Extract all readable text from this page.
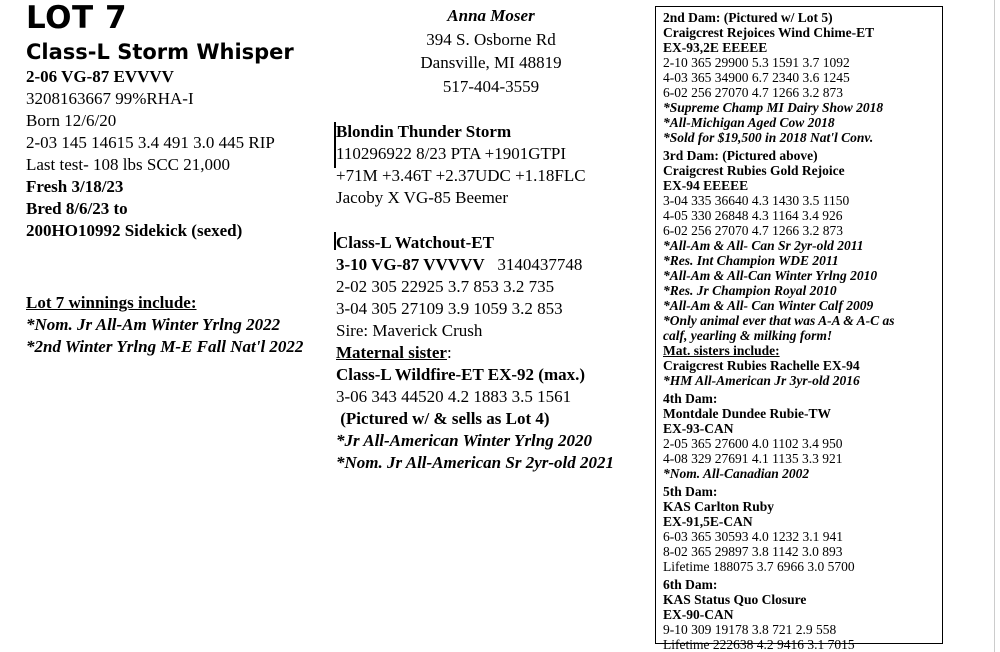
LOT 7
Class-L Storm Whisper
2-06 VG-87 EVVVV
3208163667 99%RHA-I
Born 12/6/20
2-03 145 14615 3.4 491 3.0 445 RIP
Last test- 108 lbs SCC 21,000
Fresh 3/18/23
Bred 8/6/23 to
200HO10992 Sidekick (sexed)
Lot 7 winnings include:
*Nom. Jr All-Am Winter Yrlng 2022
*2nd Winter Yrlng M-E Fall Nat'l 2022
Anna Moser
394 S. Osborne Rd
Dansville, MI 48819
517-404-3559
Blondin Thunder Storm
110296922 8/23 PTA +1901GTPI
+71M +3.46T +2.37UDC +1.18FLC
Jacoby X VG-85 Beemer
Class-L Watchout-ET
3-10 VG-87 VVVVV 3140437748
2-02 305 22925 3.7 853 3.2 735
3-04 305 27109 3.9 1059 3.2 853
Sire: Maverick Crush
Maternal sister:
Class-L Wildfire-ET EX-92 (max.)
3-06 343 44520 4.2 1883 3.5 1561
(Pictured w/ & sells as Lot 4)
*Jr All-American Winter Yrlng 2020
*Nom. Jr All-American Sr 2yr-old 2021
2nd Dam: (Pictured w/ Lot 5)
Craigcrest Rejoices Wind Chime-ET
EX-93,2E EEEEE
2-10 365 29900 5.3 1591 3.7 1092
4-03 365 34900 6.7 2340 3.6 1245
6-02 256 27070 4.7 1266 3.2 873
*Supreme Champ MI Dairy Show 2018
*All-Michigan Aged Cow 2018
*Sold for $19,500 in 2018 Nat'l Conv.
3rd Dam: (Pictured above)
Craigcrest Rubies Gold Rejoice
EX-94 EEEEE
3-04 335 36640 4.3 1430 3.5 1150
4-05 330 26848 4.3 1164 3.4 926
6-02 256 27070 4.7 1266 3.2 873
*All-Am & All- Can Sr 2yr-old 2011
*Res. Int Champion WDE 2011
*All-Am & All-Can Winter Yrlng 2010
*Res. Jr Champion Royal 2010
*All-Am & All- Can Winter Calf 2009
*Only animal ever that was A-A & A-C as
calf, yearling & milking form!
Mat. sisters include:
Craigcrest Rubies Rachelle EX-94
*HM All-American Jr 3yr-old 2016
4th Dam:
Montdale Dundee Rubie-TW
EX-93-CAN
2-05 365 27600 4.0 1102 3.4 950
4-08 329 27691 4.1 1135 3.3 921
*Nom. All-Canadian 2002
5th Dam:
KAS Carlton Ruby
EX-91,5E-CAN
6-03 365 30593 4.0 1232 3.1 941
8-02 365 29897 3.8 1142 3.0 893
Lifetime 188075 3.7 6966 3.0 5700
6th Dam:
KAS Status Quo Closure
EX-90-CAN
9-10 309 19178 3.8 721 2.9 558
Lifetime 222638 4.2 9416 3.1 7015
